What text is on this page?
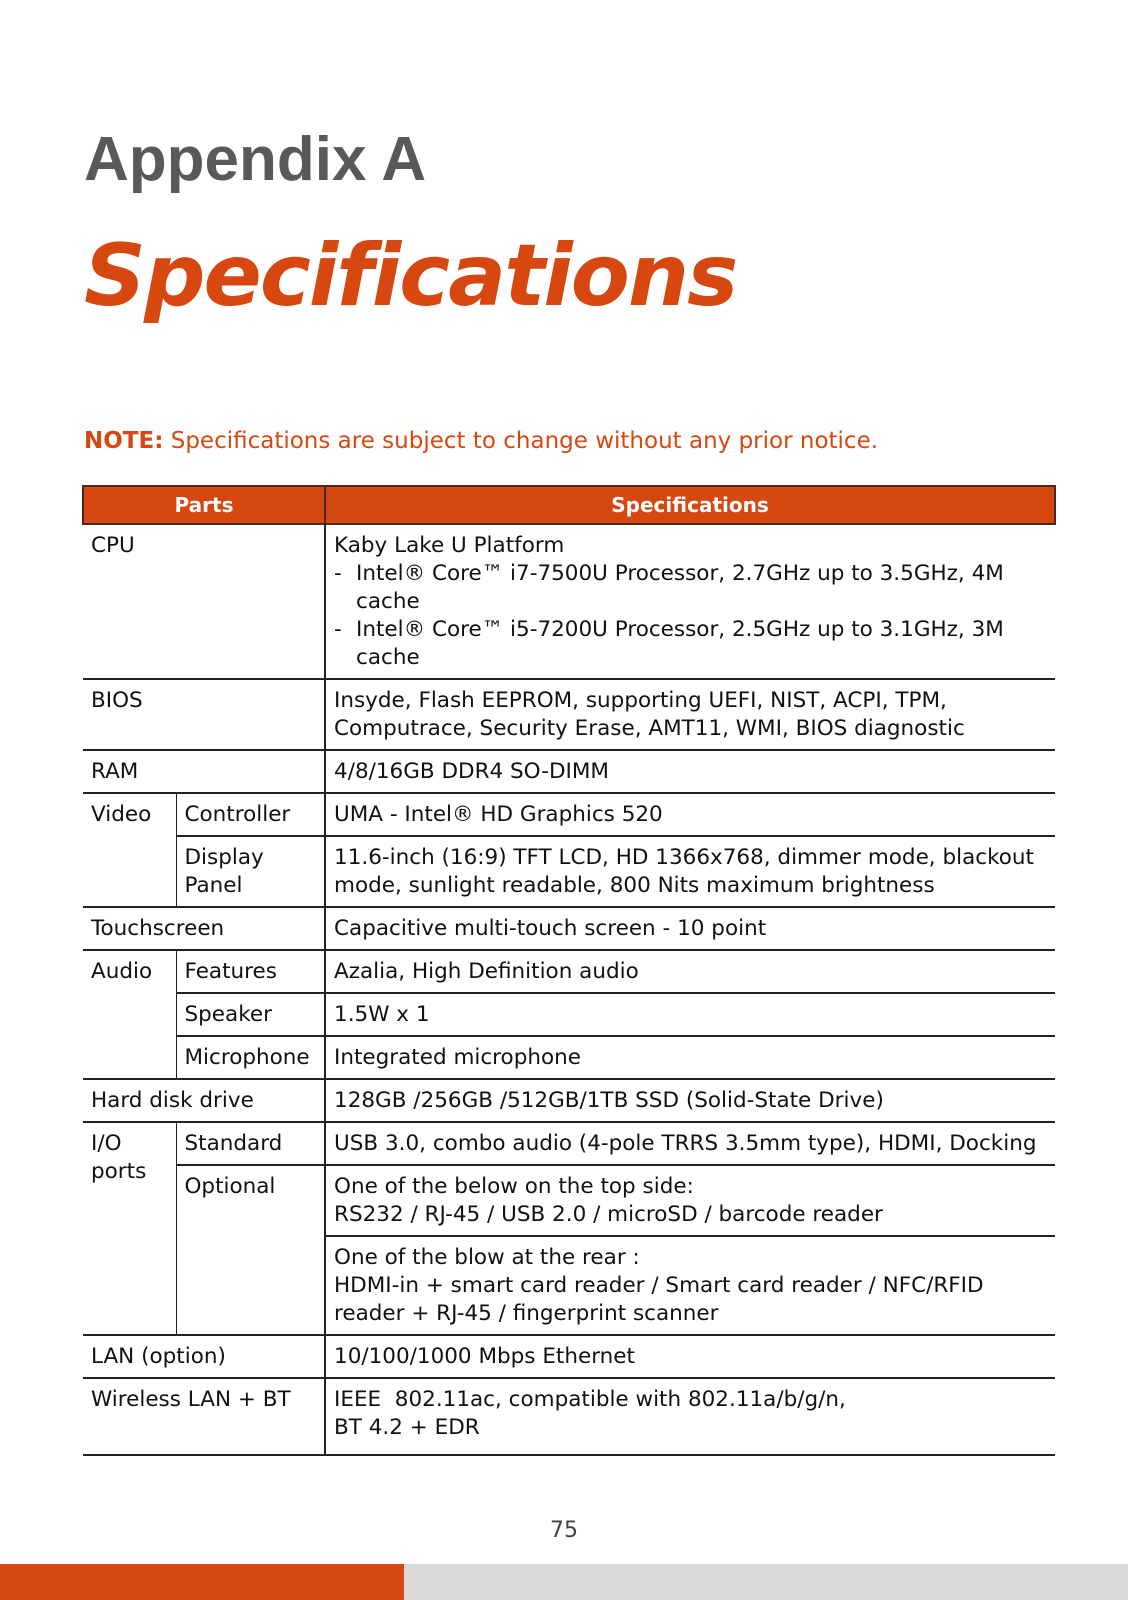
Appendix A
Specifications
NOTE: Specifications are subject to change without any prior notice.
Parts		Specifications
CPU		Kaby Lake U Platform
- Intel® Core™ i7-7500U Processor, 2.7GHz up to 3.5GHz, 4M cache
- Intel® Core™ i5-7200U Processor, 2.5GHz up to 3.1GHz, 3M cache

BIOS		Insyde, Flash EEPROM, supporting UEFI, NIST, ACPI, TPM, Computrace, Security Erase, AMT11, WMI, BIOS diagnostic
RAM		4/8/16GB DDR4 SO-DIMM
Video	Controller	UMA - Intel® HD Graphics 520
	Display Panel	11.6-inch (16:9) TFT LCD, HD 1366x768, dimmer mode, blackout mode, sunlight readable, 800 Nits maximum brightness
Touchscreen		Capacitive multi-touch screen - 10 point
Audio	Features	Azalia, High Definition audio
	Speaker	1.5W x 1
	Microphone	Integrated microphone
Hard disk drive		128GB /256GB /512GB/1TB SSD (Solid-State Drive)
I/O ports	Standard	USB 3.0, combo audio (4-pole TRRS 3.5mm type), HDMI, Docking
	Optional	One of the below on the top side:
RS232 / RJ-45 / USB 2.0 / microSD / barcode reader

		One of the blow at the rear :
HDMI-in + smart card reader / Smart card reader / NFC/RFID reader + RJ-45 / fingerprint scanner

LAN (option)		10/100/1000 Mbps Ethernet
Wireless LAN + BT		IEEE  802.11ac, compatible with 802.11a/b/g/n,
BT 4.2 + EDR
75
